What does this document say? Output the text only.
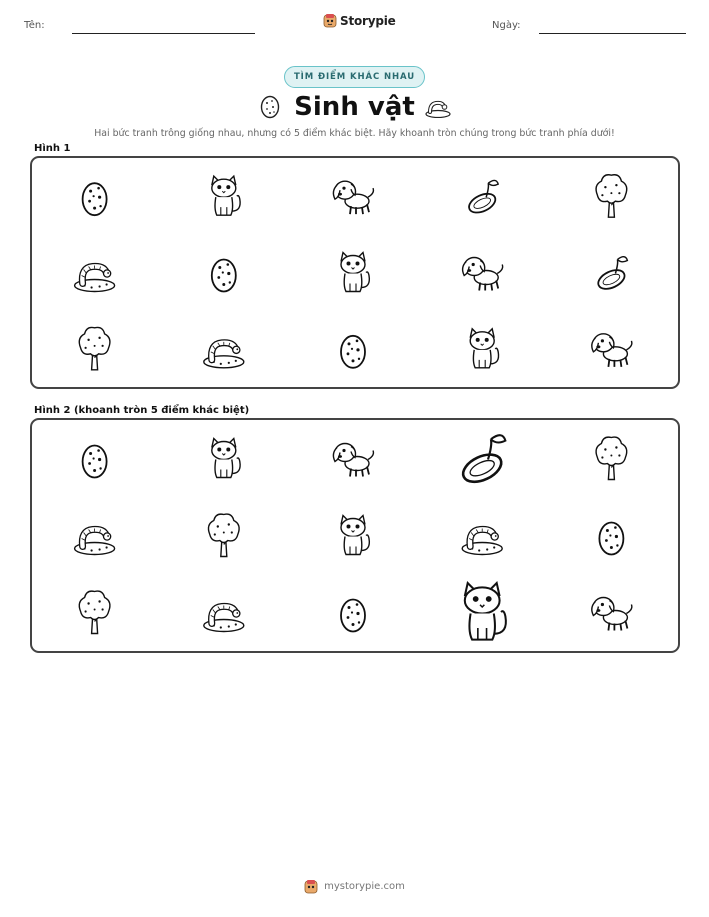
Tên:	Storypie	Ngày:
TÌM ĐIỂM KHÁC NHAU
Sinh vật
Hai bức tranh trông giống nhau, nhưng có 5 điểm khác biệt. Hãy khoanh tròn chúng trong bức tranh phía dưới!
Hình 1
Hình 2 (khoanh tròn 5 điểm khác biệt)
mystorypie.com
